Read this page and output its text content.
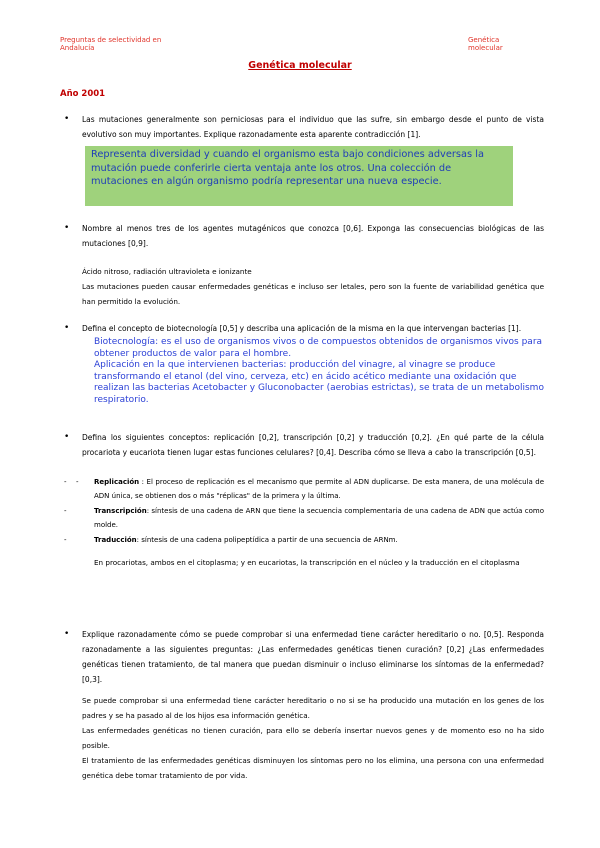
Preguntas de selectividad en
Andalucía
Genética
molecular
Genética molecular
Año 2001
• Las mutaciones generalmente son perniciosas para el individuo que las sufre, sin embargo desde el punto de vista evolutivo son muy importantes. Explique razonadamente esta aparente contradicción [1].
Representa diversidad y cuando el organismo esta bajo condiciones adversas la mutación puede conferirle cierta ventaja ante los otros. Una colección de mutaciones en algún organismo podría representar una nueva especie.
• Nombre al menos tres de los agentes mutagénicos que conozca [0,6]. Exponga las consecuencias biológicas de las mutaciones [0,9].

Ácido nitroso, radiación ultravioleta e ionizante

Las mutaciones pueden causar enfermedades genéticas e incluso ser letales, pero son la fuente de variabilidad genética que han permitido la evolución.

• Defina el concepto de biotecnología [0,5] y describa una aplicación de la misma en la que intervengan bacterias [1].

Biotecnología: es el uso de organismos vivos o de compuestos obtenidos de organismos vivos para obtener productos de valor para el hombre.

Aplicación en la que intervienen bacterias: producción del vinagre, al vinagre se produce transformando el etanol (del vino, cerveza, etc) en ácido acético mediante una oxidación que realizan las bacterias Acetobacter y Gluconobacter (aerobias estrictas), se trata de un metabolismo respiratorio.

• Defina los siguientes conceptos: replicación [0,2], transcripción [0,2] y traducción [0,2]. ¿En qué parte de la célula procariota y eucariota tienen lugar estas funciones celulares? [0,4]. Describa cómo se lleva a cabo la transcripción [0,5].
- - Replicación : El proceso de replicación es el mecanismo que permite al ADN duplicarse. De esta manera, de una molécula de ADN única, se obtienen dos o más "réplicas" de la primera y la última.
-	Transcripción: síntesis de una cadena de ARN que tiene la secuencia complementaria de una cadena de ADN que actúa como molde.
-	Traducción: síntesis de una cadena polipeptídica a partir de una secuencia de ARNm.
En procariotas, ambos en el citoplasma; y en eucariotas, la transcripción en el núcleo y la traducción en el citoplasma
• Explique razonadamente cómo se puede comprobar si una enfermedad tiene carácter hereditario o no. [0,5]. Responda razonadamente a las siguientes preguntas: ¿Las enfermedades genéticas tienen curación? [0,2] ¿Las enfermedades genéticas tienen tratamiento, de tal manera que puedan disminuir o incluso eliminarse los síntomas de la enfermedad? [0,3].

Se puede comprobar si una enfermedad tiene carácter hereditario o no si se ha producido una mutación en los genes de los padres y se ha pasado al de los hijos esa información genética.

Las enfermedades genéticas no tienen curación, para ello se debería insertar nuevos genes y de momento eso no ha sido posible.

El tratamiento de las enfermedades genéticas disminuyen los síntomas pero no los elimina, una persona con una enfermedad genética debe tomar tratamiento de por vida.
